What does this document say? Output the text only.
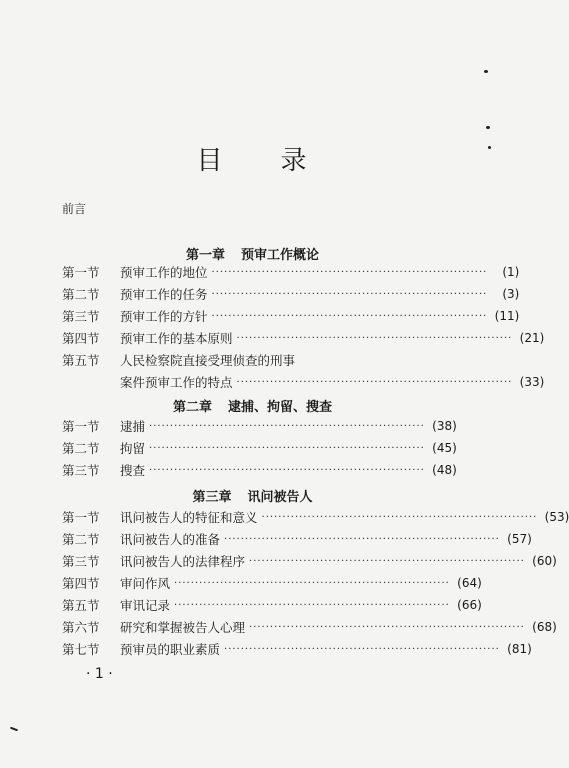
目 录
前言
第一章 预审工作概论
第一节	预审工作的地位 ··································································	(1)
第二节	预审工作的任务 ··································································	(3)
第三节	预审工作的方针 ·································································· (11)
第四节	预审工作的基本原则 ·································································· (21)
第五节	人民检察院直接受理侦查的刑事
案件预审工作的特点 ·································································· (33)
第二章 逮捕、拘留、搜查
第一节	逮捕 ·································································· (38)
第二节	拘留 ·································································· (45)
第三节	搜查 ·································································· (48)
第三章 讯问被告人
第一节	讯问被告人的特征和意义 ·································································· (53)
第二节	讯问被告人的准备 ·································································· (57)
第三节	讯问被告人的法律程序 ·································································· (60)
第四节	审问作风 ·································································· (64)
第五节	审讯记录 ·································································· (66)
第六节	研究和掌握被告人心理 ·································································· (68)
第七节	预审员的职业素质 ·································································· (81)
· 1 ·
